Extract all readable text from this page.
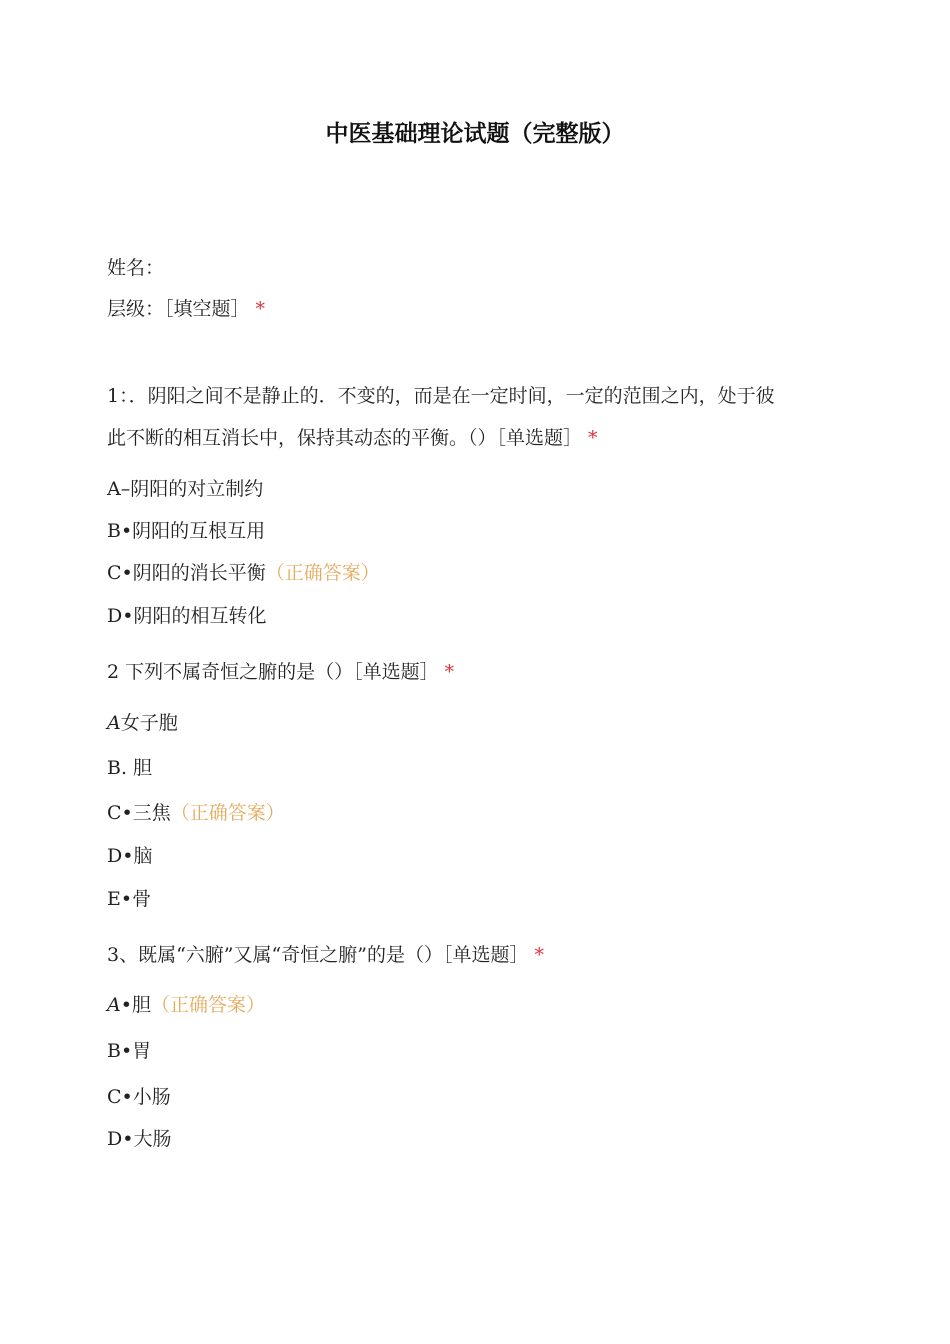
中医基础理论试题（完整版）
姓名：
层级：［填空题］ *
1：．阴阳之间不是静止的．不变的，而是在一定时间，一定的范围之内，处于彼
此不断的相互消长中，保持其动态的平衡。（）［单选题］ *
A–阴阳的对立制约
B•阴阳的互根互用
C•阴阳的消长平衡（正确答案）
D•阴阳的相互转化
2 下列不属奇恒之腑的是（）［单选题］ *
A女子胞
B. 胆
C•三焦（正确答案）
D•脑
E•骨
3、既属“六腑”又属“奇恒之腑”的是（）［单选题］ *
A•胆（正确答案）
B•胃
C•小肠
D•大肠
